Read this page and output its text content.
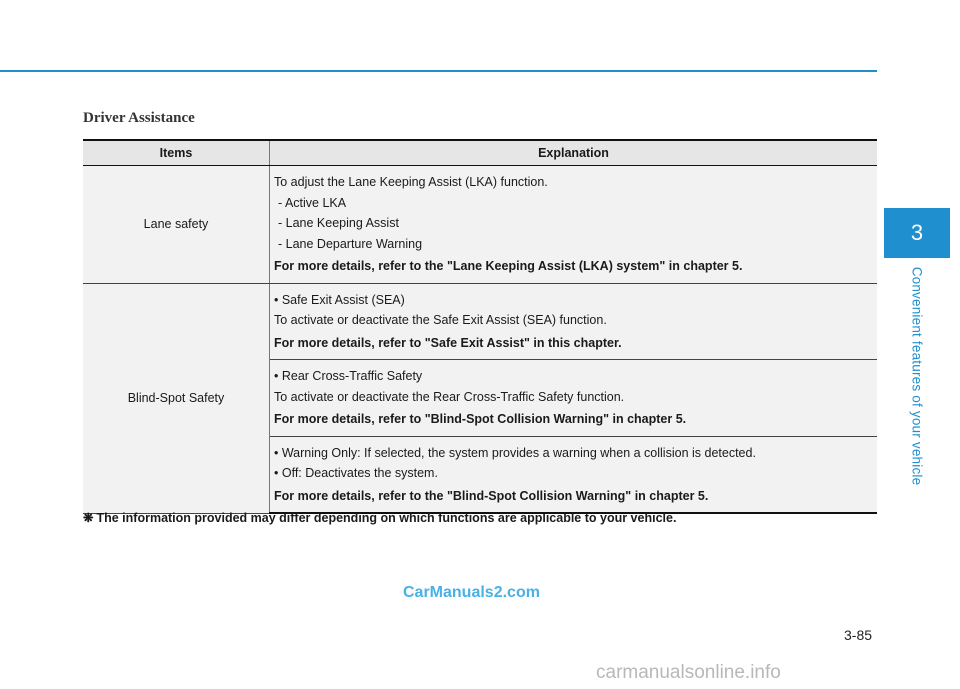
Driver Assistance
Items	Explanation
Lane safety	To adjust the Lane Keeping Assist (LKA) function.
- Active LKA
- Lane Keeping Assist
- Lane Departure Warning
For more details, refer to the "Lane Keeping Assist (LKA) system" in chapter 5.

Blind-Spot Safety	• Safe Exit Assist (SEA)
To activate or deactivate the Safe Exit Assist (SEA) function.
For more details, refer to "Safe Exit Assist" in this chapter.

	• Rear Cross-Traffic Safety
To activate or deactivate the Rear Cross-Traffic Safety function.
For more details, refer to "Blind-Spot Collision Warning" in chapter 5.

	• Warning Only: If selected, the system provides a warning when a collision is detected.
• Off: Deactivates the system.
For more details, refer to the "Blind-Spot Collision Warning" in chapter 5.
❋ The information provided may differ depending on which functions are applicable to your vehicle.
3
Convenient features of your vehicle
CarManuals2.com
3-85
carmanualsonline.info
